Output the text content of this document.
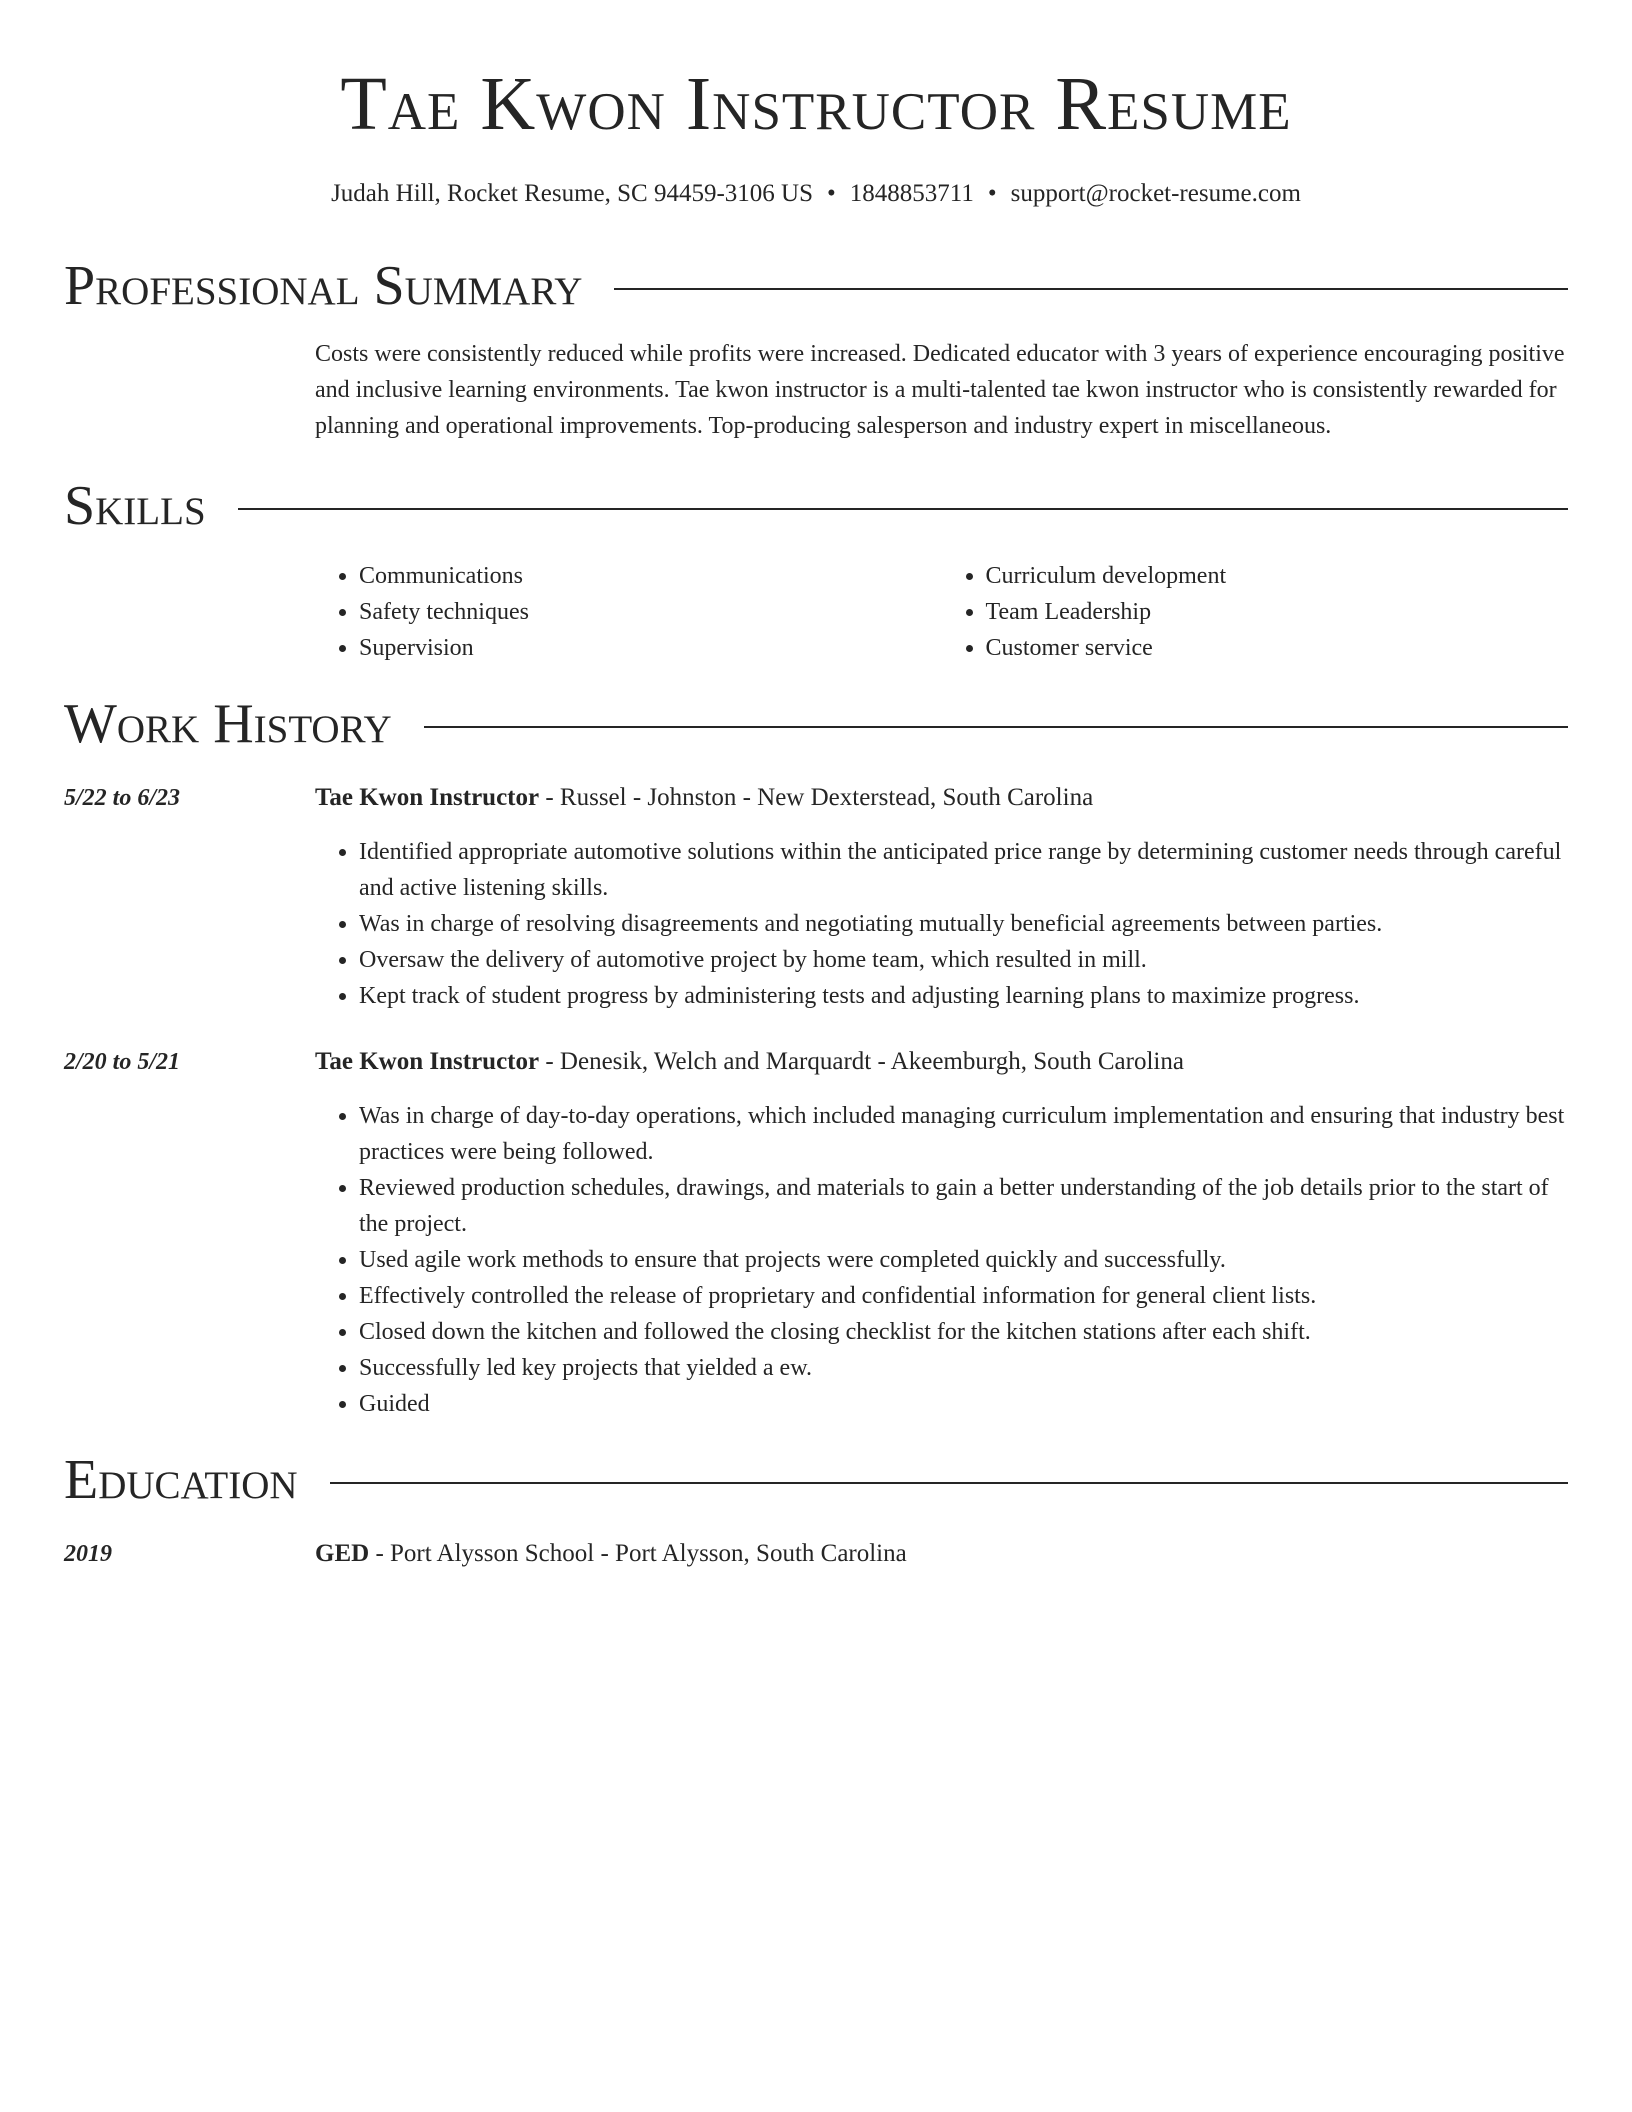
Tae Kwon Instructor Resume
Judah Hill, Rocket Resume, SC 94459-3106 US • 1848853711 • support@rocket-resume.com
Professional Summary

Costs were consistently reduced while profits were increased. Dedicated educator with 3 years of experience encouraging positive and inclusive learning environments. Tae kwon instructor is a multi-talented tae kwon instructor who is consistently rewarded for planning and operational improvements. Top-producing salesperson and industry expert in miscellaneous.

Skills
• Communications
• Safety techniques
• Supervision
• Curriculum development
• Team Leadership
• Customer service
Work History
5/22 to 6/23	Tae Kwon Instructor - Russel - Johnston - New Dexterstead, South Carolina
• Identified appropriate automotive solutions within the anticipated price range by determining customer needs through careful and active listening skills.
• Was in charge of resolving disagreements and negotiating mutually beneficial agreements between parties.
• Oversaw the delivery of automotive project by home team, which resulted in mill.
• Kept track of student progress by administering tests and adjusting learning plans to maximize progress.
2/20 to 5/21	Tae Kwon Instructor - Denesik, Welch and Marquardt - Akeemburgh, South Carolina
• Was in charge of day-to-day operations, which included managing curriculum implementation and ensuring that industry best practices were being followed.
• Reviewed production schedules, drawings, and materials to gain a better understanding of the job details prior to the start of the project.
• Used agile work methods to ensure that projects were completed quickly and successfully.
• Effectively controlled the release of proprietary and confidential information for general client lists.
• Closed down the kitchen and followed the closing checklist for the kitchen stations after each shift.
• Successfully led key projects that yielded a ew.
• Guided
Education
2019	GED - Port Alysson School - Port Alysson, South Carolina
